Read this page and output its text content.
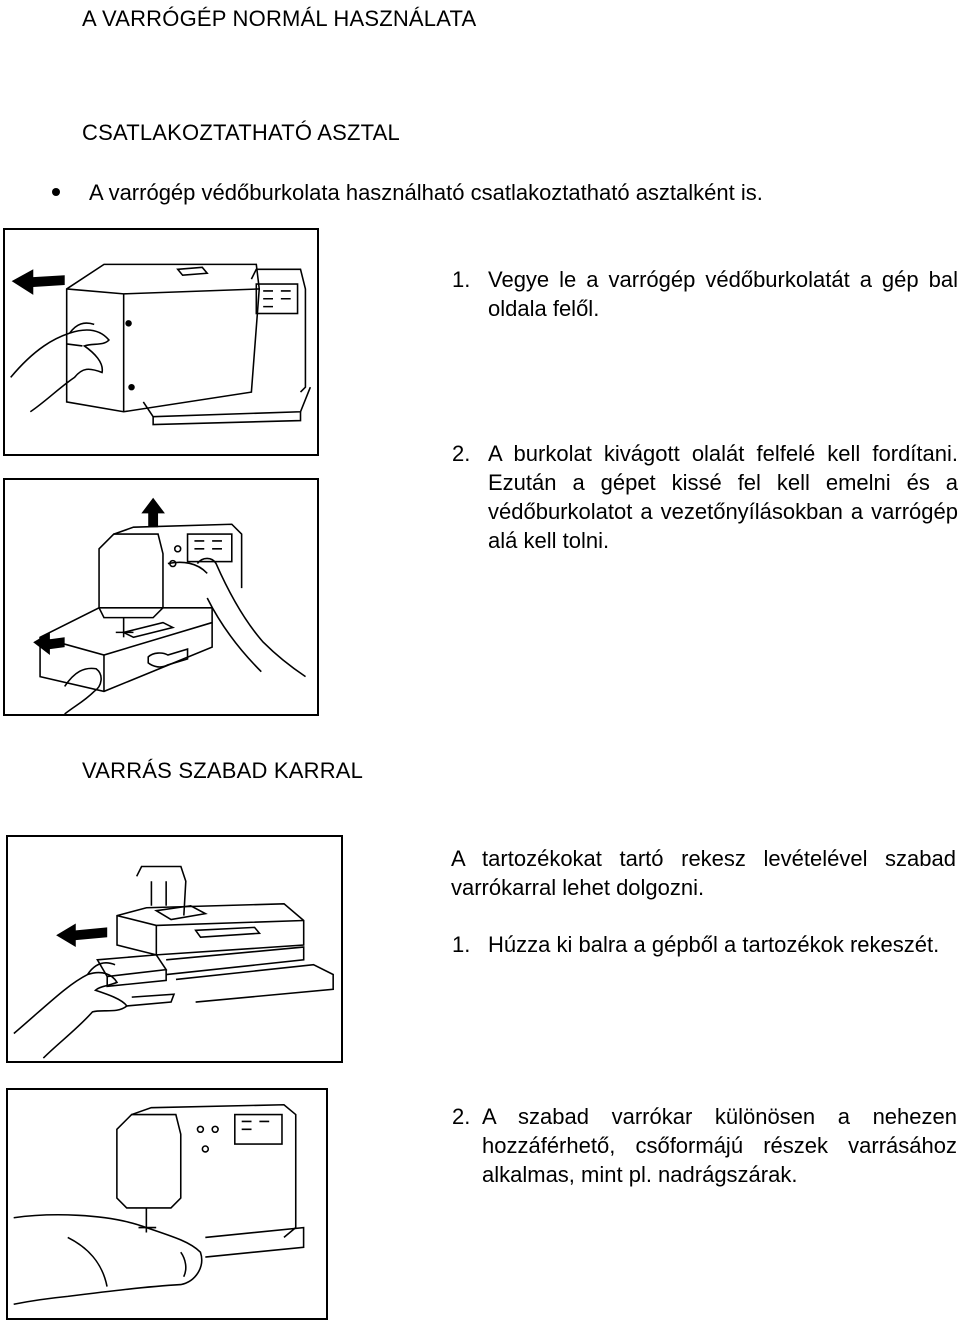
A VARRÓGÉP NORMÁL HASZNÁLATA
CSATLAKOZTATHATÓ ASZTAL

A varrógép védőburkolata használható csatlakoztatható asztalként is.

1. Vegye le a varrógép védőburkolatát a gép bal oldala felől.

2. A burkolat kivágott olalát felfelé kell fordítani. Ezután a gépet kissé fel kell emelni és a védőburkolatot a vezetőnyílásokban a varrógép alá kell tolni.

VARRÁS SZABAD KARRAL

A tartozékokat tartó rekesz levételével szabad varrókarral lehet dolgozni.

1. Húzza ki balra a gépből a tartozékok rekeszét.

2. A szabad varrókar különösen a nehezen hozzáférhető, csőformájú részek varrásához alkalmas, mint pl. nadrágszárak.
